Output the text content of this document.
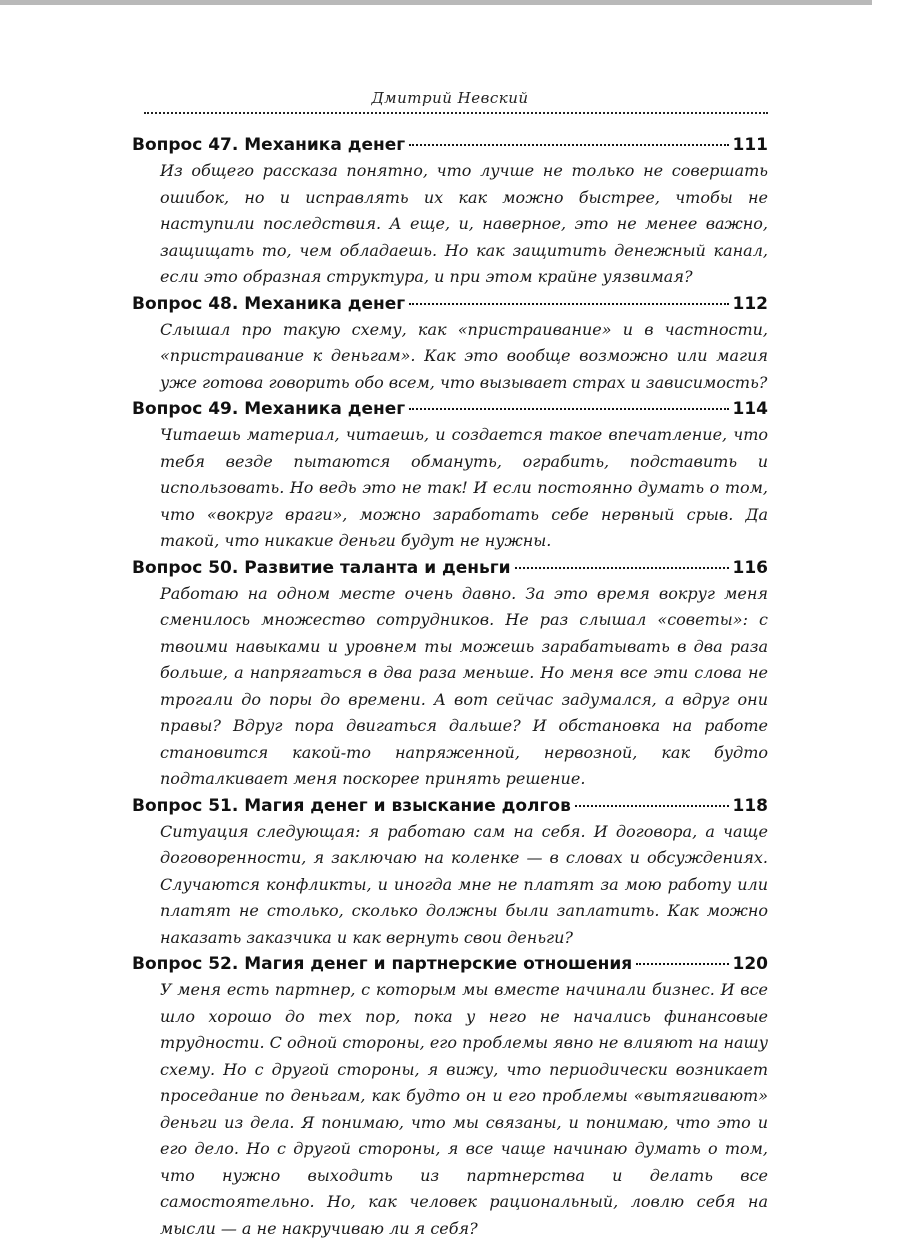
Дмитрий Невский
Вопрос 47. Механика денег	111
Из общего рассказа понятно, что лучше не только не совершать ошибок, но и исправлять их как можно быстрее, чтобы не наступили последствия. А еще, и, наверное, это не менее важно, защищать то, чем обладаешь. Но как защитить денежный канал, если это образная структура, и при этом крайне уязвимая?
Вопрос 48. Механика денег	112
Слышал про такую схему, как «пристраивание» и в частности, «пристраивание к деньгам». Как это вообще возможно или магия уже готова говорить обо всем, что вызывает страх и зависимость?
Вопрос 49. Механика денег	114
Читаешь материал, читаешь, и создается такое впечатление, что тебя везде пытаются обмануть, ограбить, подставить и использовать. Но ведь это не так! И если постоянно думать о том, что «вокруг враги», можно заработать себе нервный срыв. Да такой, что никакие деньги будут не нужны.
Вопрос 50. Развитие таланта и деньги	116
Работаю на одном месте очень давно. За это время вокруг меня сменилось множество сотрудников. Не раз слышал «советы»: с твоими навыками и уровнем ты можешь зарабатывать в два раза больше, а напрягаться в два раза меньше. Но меня все эти слова не трогали до поры до времени. А вот сейчас задумался, а вдруг они правы? Вдруг пора двигаться дальше? И обстановка на работе становится какой-то напряженной, нервозной, как будто подталкивает меня поскорее принять решение.
Вопрос 51. Магия денег и взыскание долгов	118
Ситуация следующая: я работаю сам на себя. И договора, а чаще договоренности, я заключаю на коленке — в словах и обсуждениях. Случаются конфликты, и иногда мне не платят за мою работу или платят не столько, сколько должны были заплатить. Как можно наказать заказчика и как вернуть свои деньги?
Вопрос 52. Магия денег и партнерские отношения	120
У меня есть партнер, с которым мы вместе начинали бизнес. И все шло хорошо до тех пор, пока у него не начались финансовые трудности. С одной стороны, его проблемы явно не влияют на нашу схему. Но с другой стороны, я вижу, что периодически возникает проседание по деньгам, как будто он и его проблемы «вытягивают» деньги из дела. Я понимаю, что мы связаны, и понимаю, что это и его дело. Но с другой стороны, я все чаще начинаю думать о том, что нужно выходить из партнерства и делать все самостоятельно. Но, как человек рациональный, ловлю себя на мысли — а не накручиваю ли я себя?
